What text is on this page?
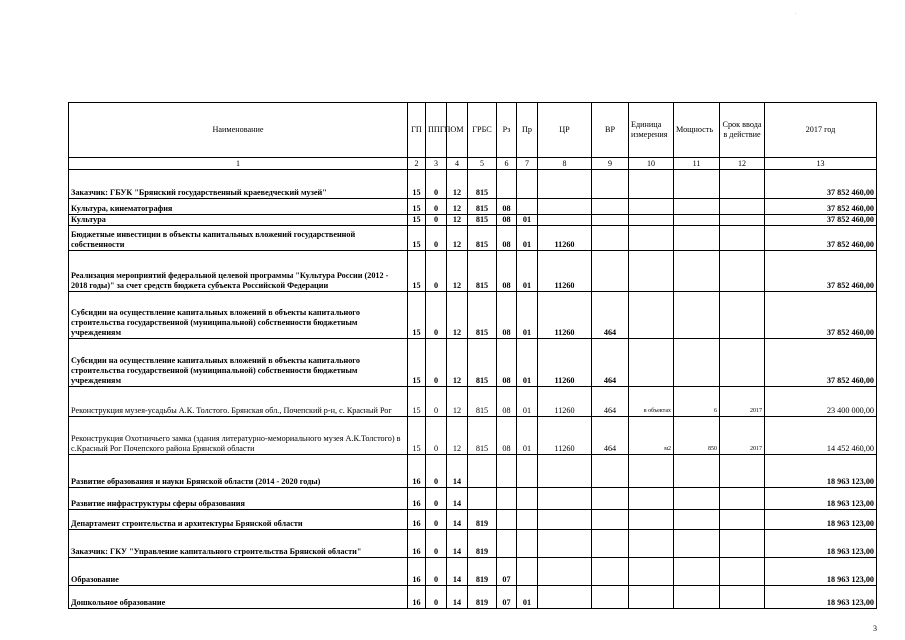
.
Наименование	ГП	ППГП	ОМ	ГРБС	Рз	Пр	ЦР	ВР	Единица измерения	Мощность	Срок ввода в действие	2017 год
1	2	3	4	5	6	7	8	9	10	11	12	13
Заказчик: ГБУК "Брянский государственный краеведческий музей"	15	0	12	815								37 852 460,00
Культура, кинематография	15	0	12	815	08							37 852 460,00
Культура	15	0	12	815	08	01						37 852 460,00
Бюджетные инвестиции в объекты капитальных вложений государственной собственности	15	0	12	815	08	01	11260					37 852 460,00
Реализация мероприятий федеральной целевой программы "Культура России (2012 - 2018 годы)" за счет средств бюджета субъекта Российской Федерации	15	0	12	815	08	01	11260					37 852 460,00
Субсидии на осуществление капитальных вложений в объекты капитального строительства государственной (муниципальной) собственности бюджетным учреждениям	15	0	12	815	08	01	11260	464				37 852 460,00
Субсидии на осуществление капитальных вложений в объекты капитального строительства государственной (муниципальной) собственности бюджетным учреждениям	15	0	12	815	08	01	11260	464				37 852 460,00
Реконструкция музея-усадьбы А.К. Толстого. Брянская обл., Почепский р-н, с. Красный Рог	15	0	12	815	08	01	11260	464	в объектах	6	2017	23 400 000,00
Реконструкция Охотничьего замка (здания литературно-мемориального музея А.К.Толстого) в с.Красный Рог Почепского района Брянской области	15	0	12	815	08	01	11260	464	м2	850	2017	14 452 460,00
Развитие образования и науки Брянской области (2014 - 2020 годы)	16	0	14									18 963 123,00
Развитие инфраструктуры сферы образования	16	0	14									18 963 123,00
Департамент строительства и архитектуры Брянской области	16	0	14	819								18 963 123,00
Заказчик: ГКУ "Управление капитального строительства Брянской области"	16	0	14	819								18 963 123,00
Образование	16	0	14	819	07							18 963 123,00
Дошкольное образование	16	0	14	819	07	01						18 963 123,00
3
